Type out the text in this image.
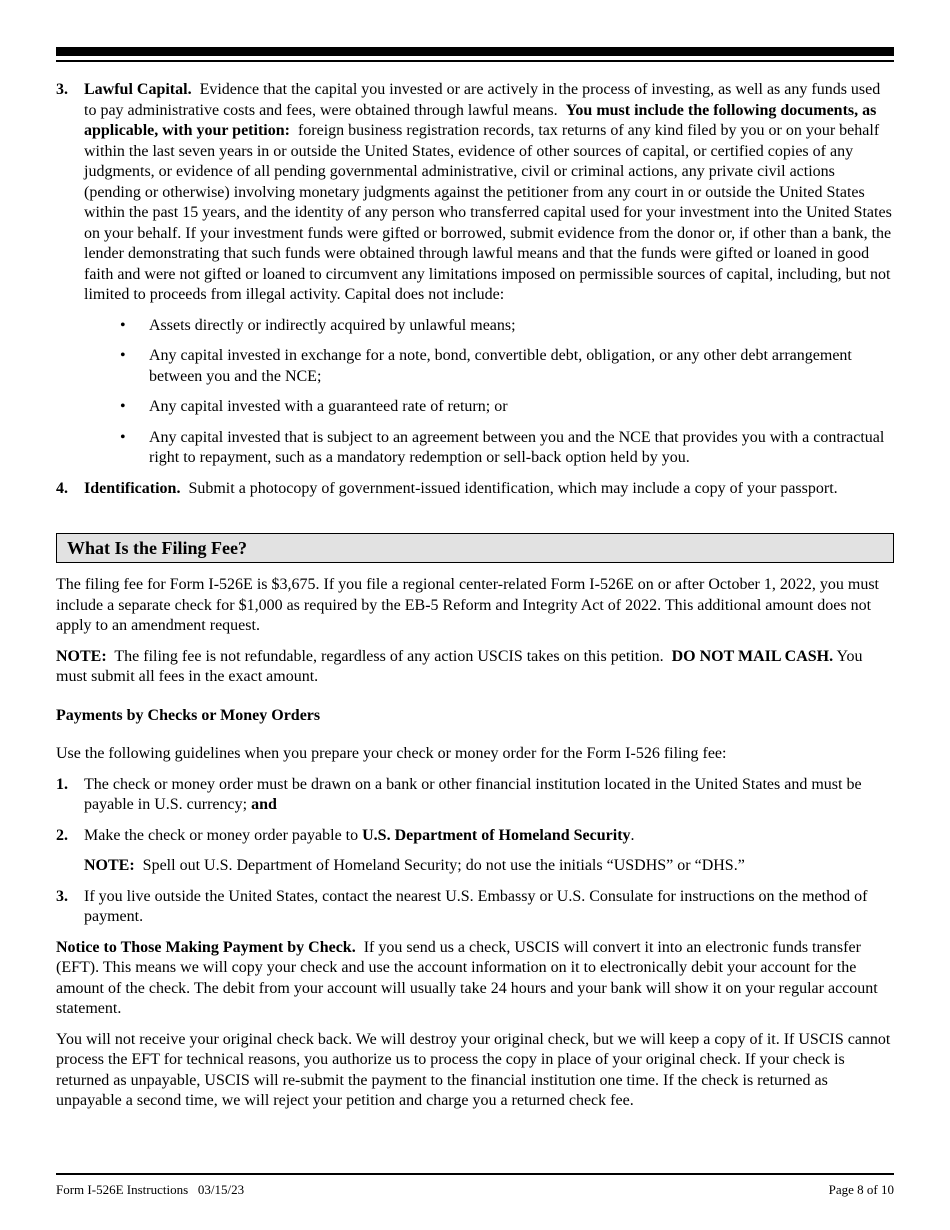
3. Lawful Capital. Evidence that the capital you invested or are actively in the process of investing, as well as any funds used to pay administrative costs and fees, were obtained through lawful means. You must include the following documents, as applicable, with your petition: foreign business registration records, tax returns of any kind filed by you or on your behalf within the last seven years in or outside the United States, evidence of other sources of capital, or certified copies of any judgments, or evidence of all pending governmental administrative, civil or criminal actions, any private civil actions (pending or otherwise) involving monetary judgments against the petitioner from any court in or outside the United States within the past 15 years, and the identity of any person who transferred capital used for your investment into the United States on your behalf. If your investment funds were gifted or borrowed, submit evidence from the donor or, if other than a bank, the lender demonstrating that such funds were obtained through lawful means and that the funds were gifted or loaned in good faith and were not gifted or loaned to circumvent any limitations imposed on permissible sources of capital, including, but not limited to proceeds from illegal activity. Capital does not include:

• Assets directly or indirectly acquired by unlawful means;
• Any capital invested in exchange for a note, bond, convertible debt, obligation, or any other debt arrangement between you and the NCE;
• Any capital invested with a guaranteed rate of return; or
• Any capital invested that is subject to an agreement between you and the NCE that provides you with a contractual right to repayment, such as a mandatory redemption or sell-back option held by you.
4. Identification. Submit a photocopy of government-issued identification, which may include a copy of your passport.

What Is the Filing Fee?

The filing fee for Form I-526E is $3,675. If you file a regional center-related Form I-526E on or after October 1, 2022, you must include a separate check for $1,000 as required by the EB-5 Reform and Integrity Act of 2022. This additional amount does not apply to an amendment request.

NOTE: The filing fee is not refundable, regardless of any action USCIS takes on this petition. DO NOT MAIL CASH. You must submit all fees in the exact amount.

Payments by Checks or Money Orders

Use the following guidelines when you prepare your check or money order for the Form I-526 filing fee:

1. The check or money order must be drawn on a bank or other financial institution located in the United States and must be payable in U.S. currency; and

2. Make the check or money order payable to U.S. Department of Homeland Security.

NOTE: Spell out U.S. Department of Homeland Security; do not use the initials “USDHS” or “DHS.”

3. If you live outside the United States, contact the nearest U.S. Embassy or U.S. Consulate for instructions on the method of payment.

Notice to Those Making Payment by Check. If you send us a check, USCIS will convert it into an electronic funds transfer (EFT). This means we will copy your check and use the account information on it to electronically debit your account for the amount of the check. The debit from your account will usually take 24 hours and your bank will show it on your regular account statement.

You will not receive your original check back. We will destroy your original check, but we will keep a copy of it. If USCIS cannot process the EFT for technical reasons, you authorize us to process the copy in place of your original check. If your check is returned as unpayable, USCIS will re-submit the payment to the financial institution one time. If the check is returned as unpayable a second time, we will reject your petition and charge you a returned check fee.

Form I-526E Instructions   03/15/23	Page 8 of 10
